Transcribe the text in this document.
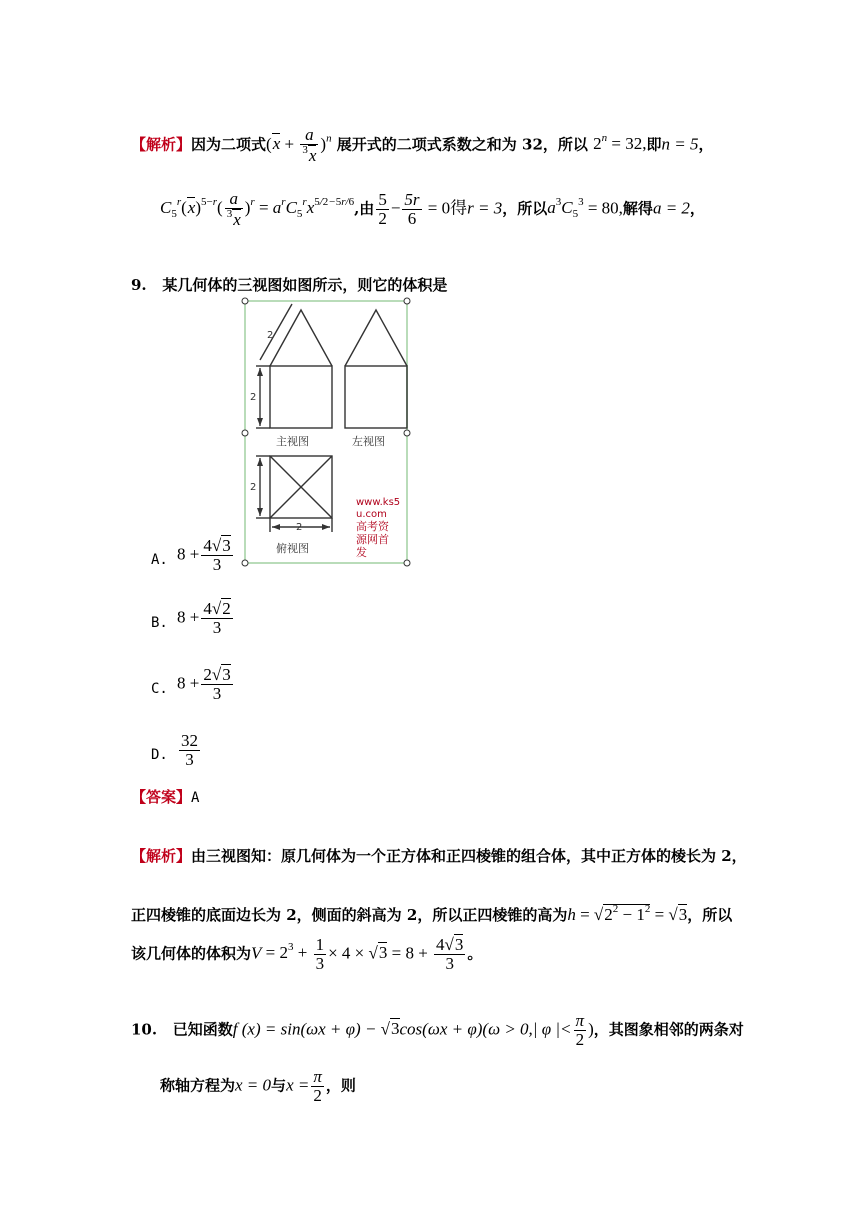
【解析】因为二项式$(x + \frac{a}{^3x} )^n$ 展开式的二项式系数之和为 32，所以 $2^n = 32$,即n = 5，
$C_5^r(x)^{5-r}( \frac{a}{^3x} )^r = a^rC_5^rx^{5/2-5r/6}$,由 $\frac{5}{2} - \frac{5r}{6} = 0$得r = 3，所以$a^3C_5^3 = 80$,解得a = 2，
9. 某几何体的三视图如图所示，则它的体积是
2
2
2
2
主视图	左视图
俯视图
www.ks5
u.com
高考资
源网首
发
A. $8 + \frac{4√3}{3}$
B. $8 + \frac{4√2}{3}$
C. $8 + \frac{2√3}{3}$
D. $\frac{32}{3}$
【答案】A
【解析】由三视图知：原几何体为一个正方体和正四棱锥的组合体，其中正方体的棱长为 2，
正四棱锥的底面边长为 2，侧面的斜高为 2，所以正四棱锥的高为$h = √2^2 - 1^2 = √3$，所以
该几何体的体积为$V = 2^3 + \frac{1}{3} \times 4 \times √3 = 8 + \frac{4√3}{3}$ 。
10. 已知函数f (x) = sin(ωx + φ) − √3cos(ωx + φ)(ω > 0,| φ |< $\frac{\pi}{2}$ )，其图象相邻的两条对
称轴方程为x = 0与$x = \frac{\pi}{2}$ ，则
